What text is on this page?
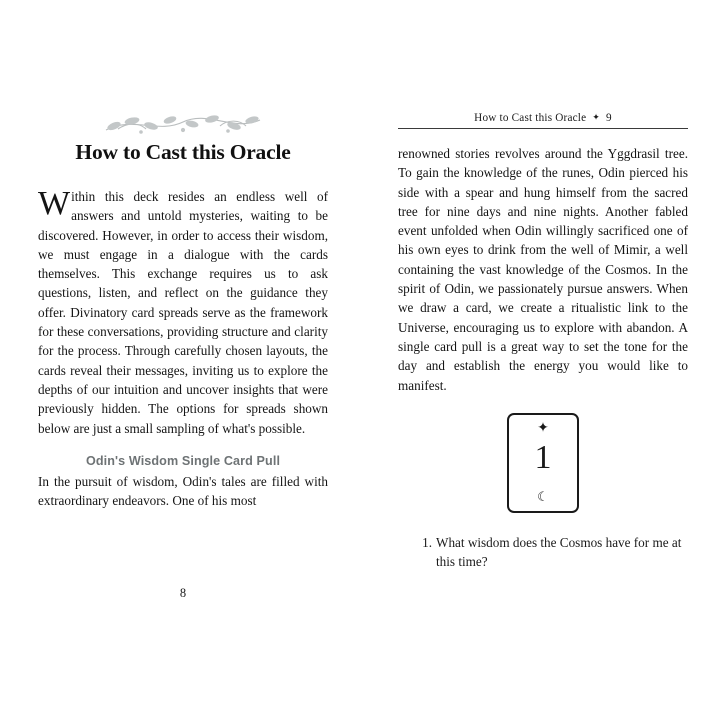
How to Cast this Oracle

Within this deck resides an endless well of answers and untold mysteries, waiting to be discovered. However, in order to access their wisdom, we must engage in a dialogue with the cards themselves. This exchange requires us to ask questions, listen, and reflect on the guidance they offer. Divinatory card spreads serve as the framework for these conversations, providing structure and clarity for the process. Through carefully chosen layouts, the cards reveal their messages, inviting us to explore the depths of our intuition and uncover insights that were previously hidden. The options for spreads shown below are just a small sampling of what's possible.

Odin's Wisdom Single Card Pull

In the pursuit of wisdom, Odin's tales are filled with extraordinary endeavors. One of his most

8
How to Cast this Oracle ✦ 9

renowned stories revolves around the Yggdrasil tree. To gain the knowledge of the runes, Odin pierced his side with a spear and hung himself from the sacred tree for nine days and nine nights. Another fabled event unfolded when Odin willingly sacrificed one of his own eyes to drink from the well of Mimir, a well containing the vast knowledge of the Cosmos. In the spirit of Odin, we passionately pursue answers. When we draw a card, we create a ritualistic link to the Universe, encouraging us to explore with abandon. A single card pull is a great way to set the tone for the day and establish the energy you would like to manifest.

✦
1
☾
1. What wisdom does the Cosmos have for me at this time?
